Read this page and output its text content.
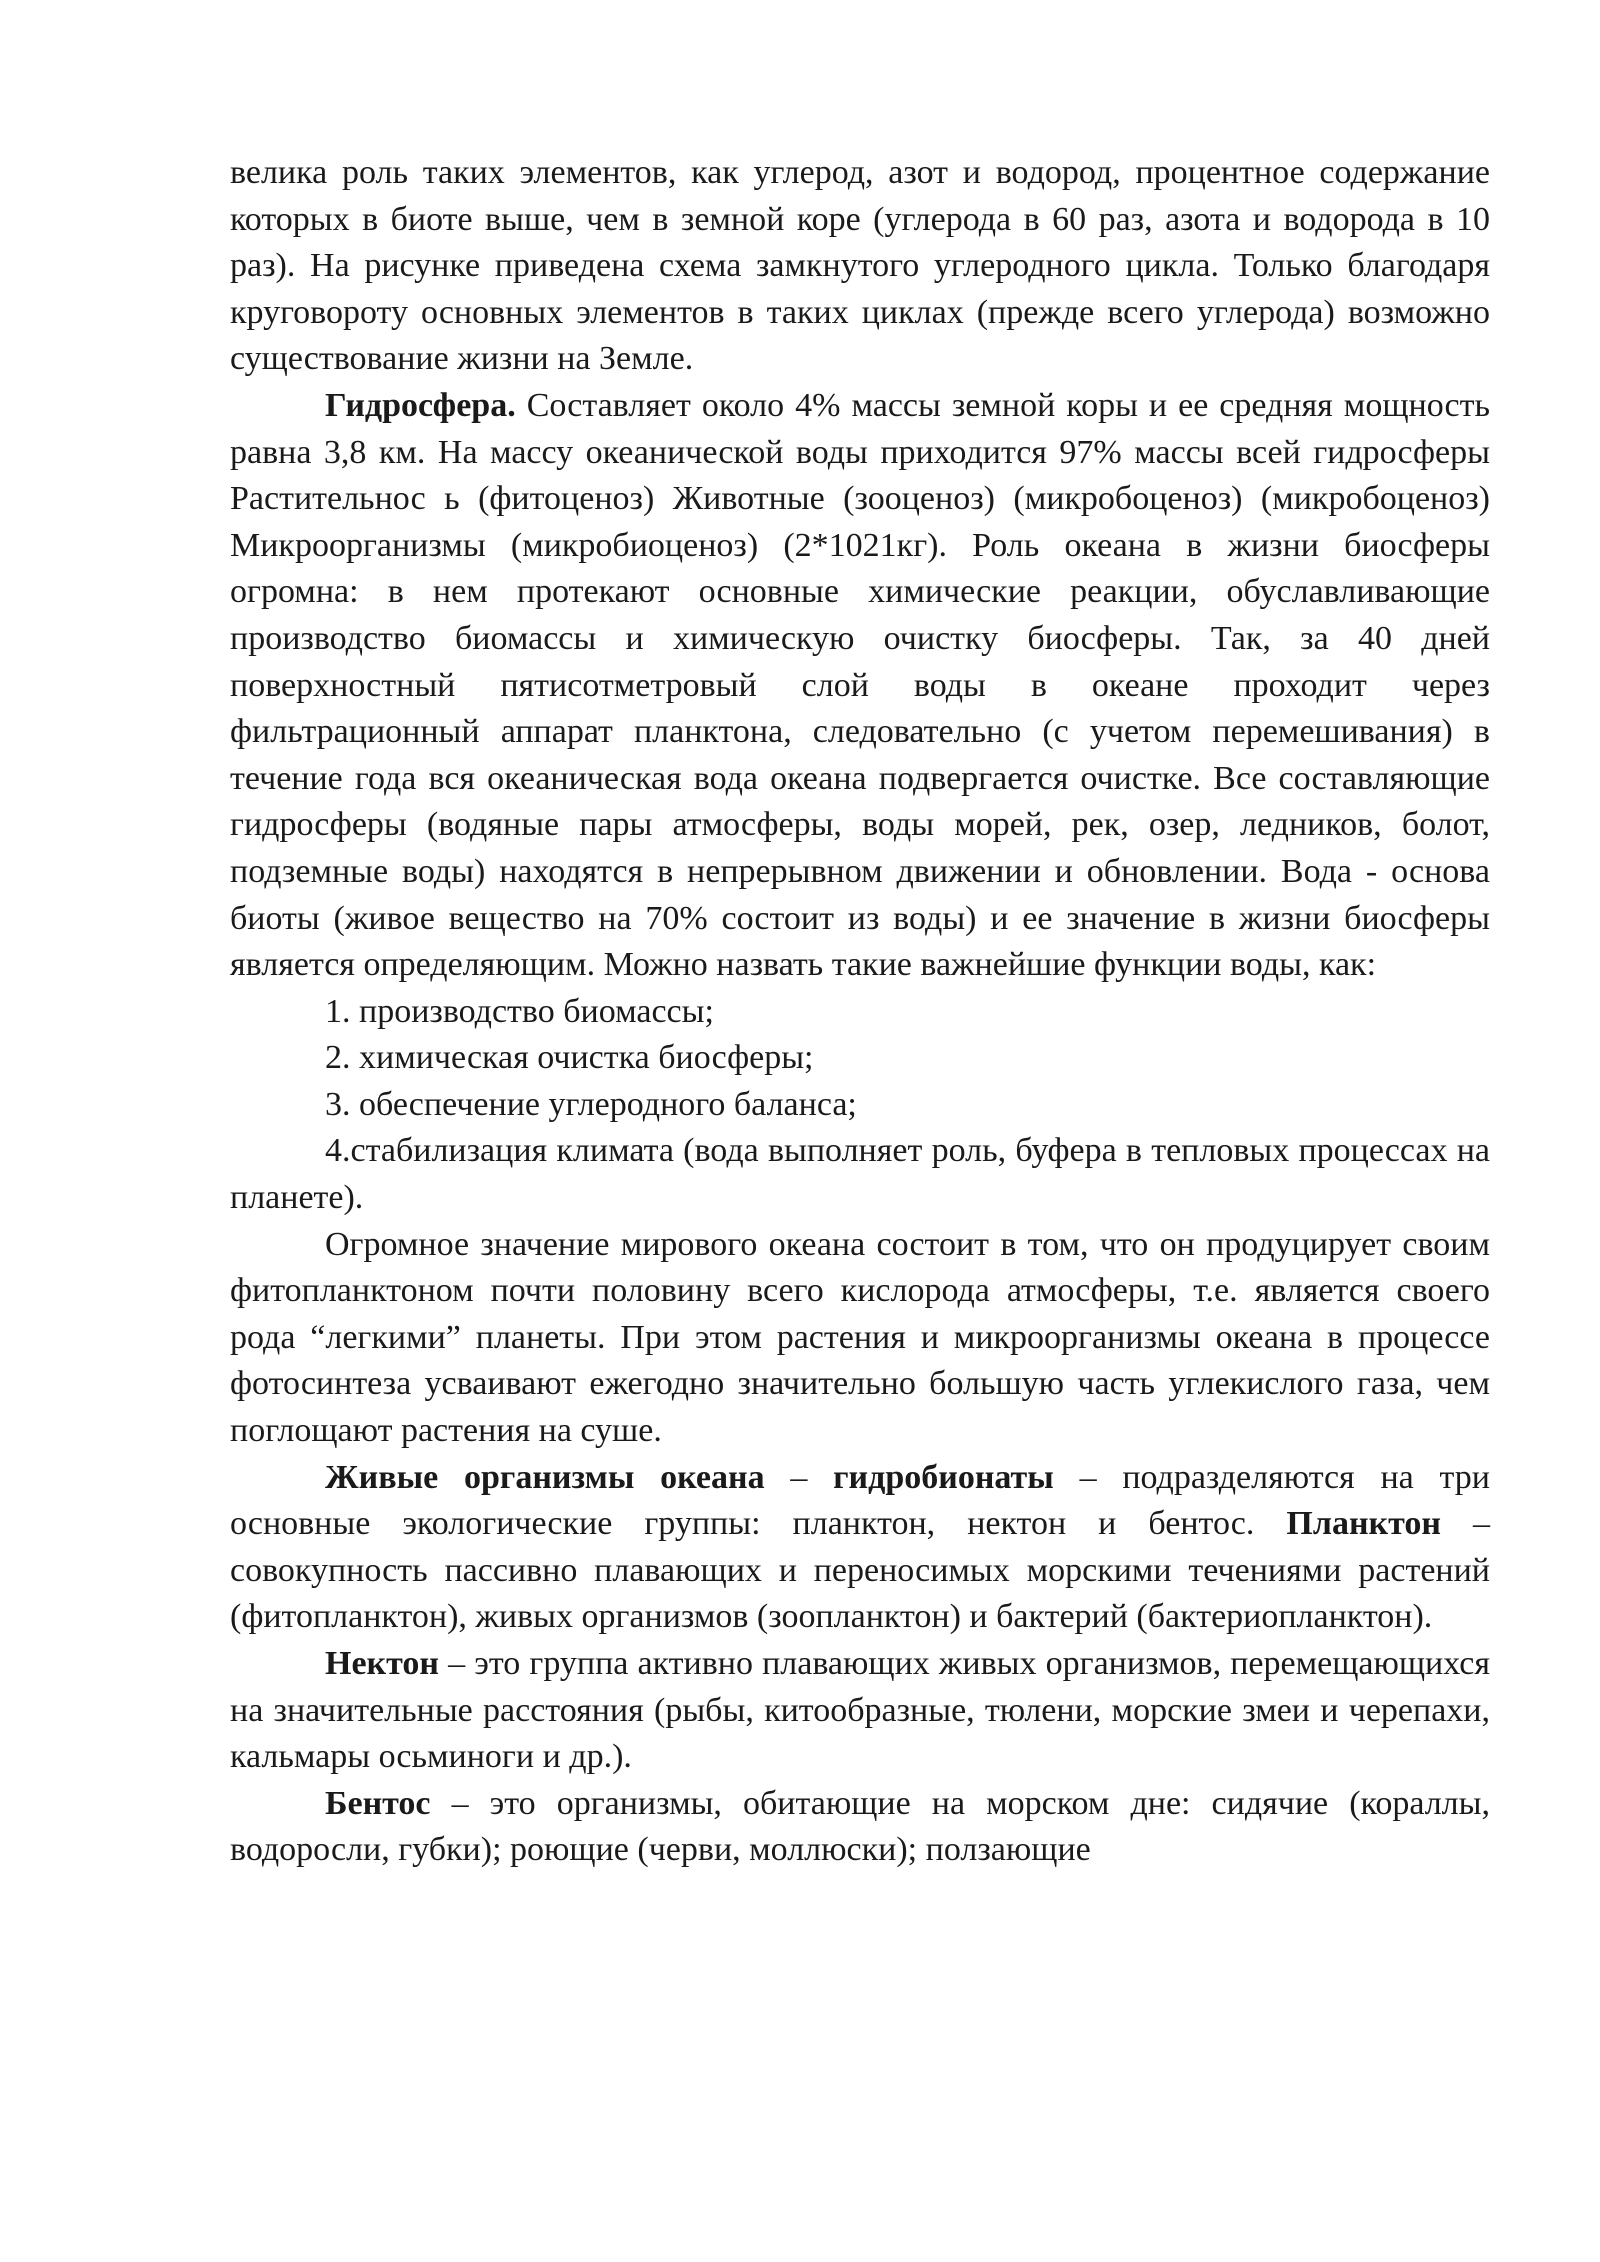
велика роль таких элементов, как углерод, азот и водород, процентное содержание которых в биоте выше, чем в земной коре (углерода в 60 раз, азота и водорода в 10 раз). На рисунке приведена схема замкнутого углеродного цикла. Только благодаря круговороту основных элементов в таких циклах (прежде всего углерода) возможно существование жизни на Земле.

Гидросфера. Составляет около 4% массы земной коры и ее средняя мощность равна 3,8 км. На массу океанической воды приходится 97% массы всей гидросферы Растительнос ь (фитоценоз) Животные (зооценоз) (микробоценоз) (микробоценоз) Микроорганизмы (микробиоценоз) (2*1021кг). Роль океана в жизни биосферы огромна: в нем протекают основные химические реакции, обуславливающие производство биомассы и химическую очистку биосферы. Так, за 40 дней поверхностный пятисотметровый слой воды в океане проходит через фильтрационный аппарат планктона, следовательно (с учетом перемешивания) в течение года вся океаническая вода океана подвергается очистке. Все составляющие гидросферы (водяные пары атмосферы, воды морей, рек, озер, ледников, болот, подземные воды) находятся в непрерывном движении и обновлении. Вода - основа биоты (живое вещество на 70% состоит из воды) и ее значение в жизни биосферы является определяющим. Можно назвать такие важнейшие функции воды, как:

1. производство биомассы;

2. химическая очистка биосферы;

3. обеспечение углеродного баланса;

4.стабилизация климата (вода выполняет роль, буфера в тепловых процессах на планете).

Огромное значение мирового океана состоит в том, что он продуцирует своим фитопланктоном почти половину всего кислорода атмосферы, т.е. является своего рода “легкими” планеты. При этом растения и микроорганизмы океана в процессе фотосинтеза усваивают ежегодно значительно большую часть углекислого газа, чем поглощают растения на суше.

Живые организмы океана – гидробионаты – подразделяются на три основные экологические группы: планктон, нектон и бентос. Планктон – совокупность пассивно плавающих и переносимых морскими течениями растений (фитопланктон), живых организмов (зоопланктон) и бактерий (бактериопланктон).

Нектон – это группа активно плавающих живых организмов, перемещающихся на значительные расстояния (рыбы, китообразные, тюлени, морские змеи и черепахи, кальмары осьминоги и др.).

Бентос – это организмы, обитающие на морском дне: сидячие (кораллы, водоросли, губки); роющие (черви, моллюски); ползающие
